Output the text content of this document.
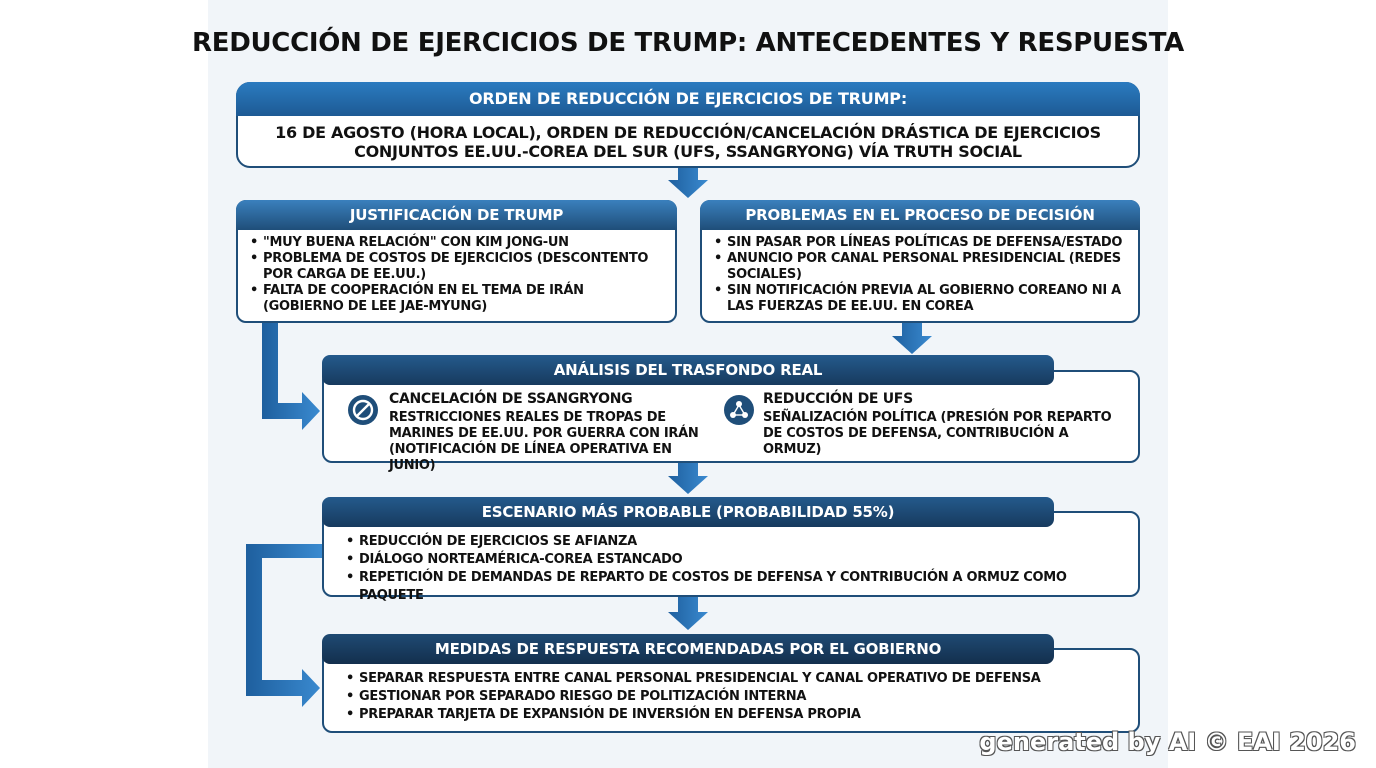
REDUCCIÓN DE EJERCICIOS DE TRUMP: ANTECEDENTES Y RESPUESTA
ORDEN DE REDUCCIÓN DE EJERCICIOS DE TRUMP:
16 DE AGOSTO (HORA LOCAL), ORDEN DE REDUCCIÓN/CANCELACIÓN DRÁSTICA DE EJERCICIOS
CONJUNTOS EE.UU.-COREA DEL SUR (UFS, SSANGRYONG) VÍA TRUTH SOCIAL
JUSTIFICACIÓN DE TRUMP
• "MUY BUENA RELACIÓN" CON KIM JONG-UN
• PROBLEMA DE COSTOS DE EJERCICIOS (DESCONTENTO POR CARGA DE EE.UU.)
• FALTA DE COOPERACIÓN EN EL TEMA DE IRÁN (GOBIERNO DE LEE JAE-MYUNG)
PROBLEMAS EN EL PROCESO DE DECISIÓN
• SIN PASAR POR LÍNEAS POLÍTICAS DE DEFENSA/ESTADO
• ANUNCIO POR CANAL PERSONAL PRESIDENCIAL (REDES SOCIALES)
• SIN NOTIFICACIÓN PREVIA AL GOBIERNO COREANO NI A LAS FUERZAS DE EE.UU. EN COREA
ANÁLISIS DEL TRASFONDO REAL
CANCELACIÓN DE SSANGRYONG
RESTRICCIONES REALES DE TROPAS DE MARINES DE EE.UU. POR GUERRA CON IRÁN (NOTIFICACIÓN DE LÍNEA OPERATIVA EN JUNIO)
REDUCCIÓN DE UFS
SEÑALIZACIÓN POLÍTICA (PRESIÓN POR REPARTO DE COSTOS DE DEFENSA, CONTRIBUCIÓN A ORMUZ)
ESCENARIO MÁS PROBABLE (PROBABILIDAD 55%)
• REDUCCIÓN DE EJERCICIOS SE AFIANZA
• DIÁLOGO NORTEAMÉRICA-COREA ESTANCADO
• REPETICIÓN DE DEMANDAS DE REPARTO DE COSTOS DE DEFENSA Y CONTRIBUCIÓN A ORMUZ COMO PAQUETE
MEDIDAS DE RESPUESTA RECOMENDADAS POR EL GOBIERNO
• SEPARAR RESPUESTA ENTRE CANAL PERSONAL PRESIDENCIAL Y CANAL OPERATIVO DE DEFENSA
• GESTIONAR POR SEPARADO RIESGO DE POLITIZACIÓN INTERNA
• PREPARAR TARJETA DE EXPANSIÓN DE INVERSIÓN EN DEFENSA PROPIA
generated by AI © EAI 2026
